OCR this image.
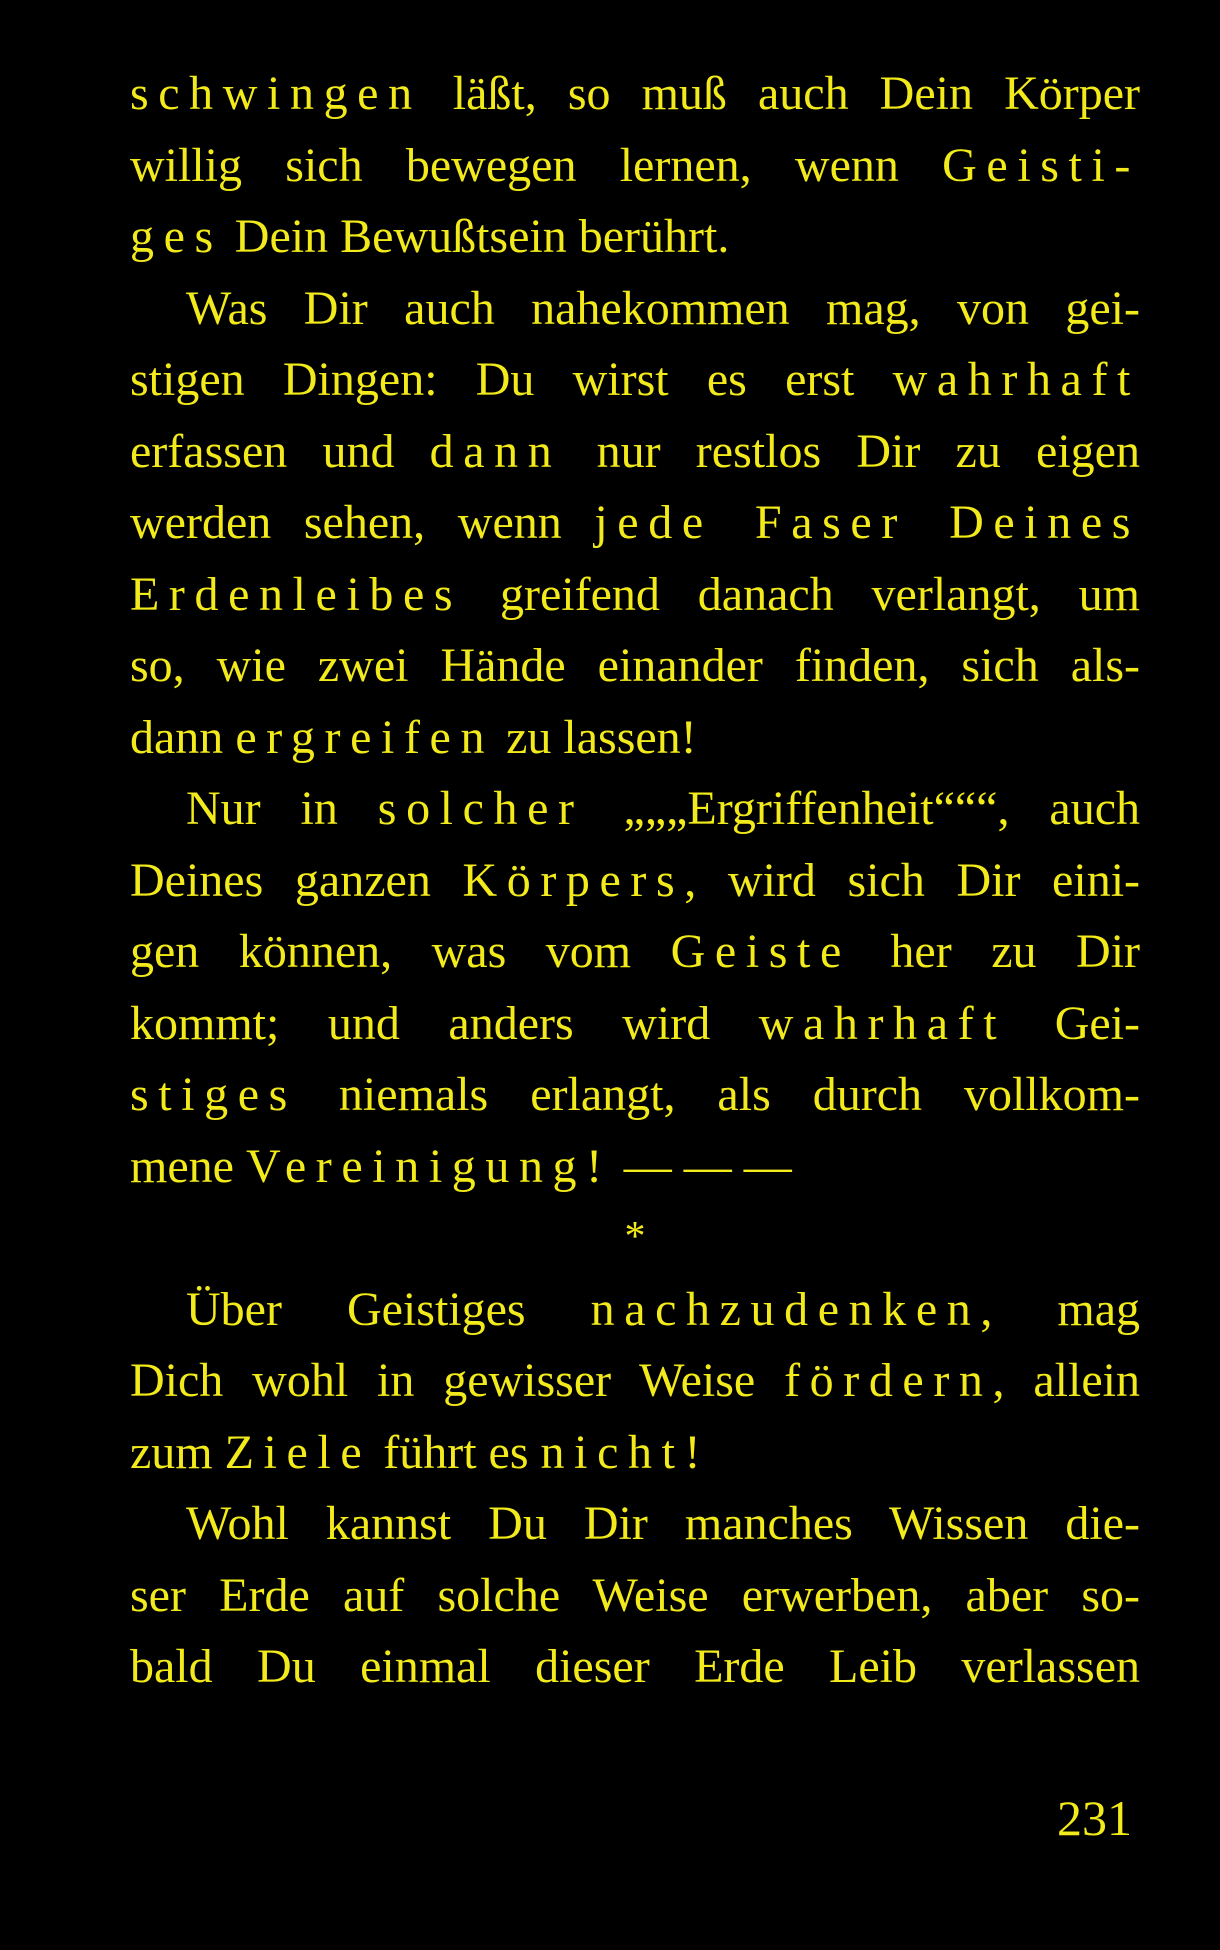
schwingen läßt, so muß auch Dein Körper
willig sich bewegen lernen, wenn Geisti-
ges Dein Bewußtsein berührt.
Was Dir auch nahekommen mag, von gei-
stigen Dingen: Du wirst es erst wahrhaft
erfassen und dann nur restlos Dir zu eigen
werden sehen, wenn jede Faser Deines
Erdenleibes greifend danach verlangt, um
so, wie zwei Hände einander finden, sich als-
dann ergreifen zu lassen!
Nur in solcher „„„Ergriffenheit“““, auch
Deines ganzen Körpers, wird sich Dir eini-
gen können, was vom Geiste her zu Dir
kommt; und anders wird wahrhaft Gei-
stiges niemals erlangt, als durch vollkom-
mene Vereinigung! — — —
*
Über Geistiges nachzudenken, mag
Dich wohl in gewisser Weise fördern, allein
zum Ziele führt es nicht!
Wohl kannst Du Dir manches Wissen die-
ser Erde auf solche Weise erwerben, aber so-
bald Du einmal dieser Erde Leib verlassen
231
